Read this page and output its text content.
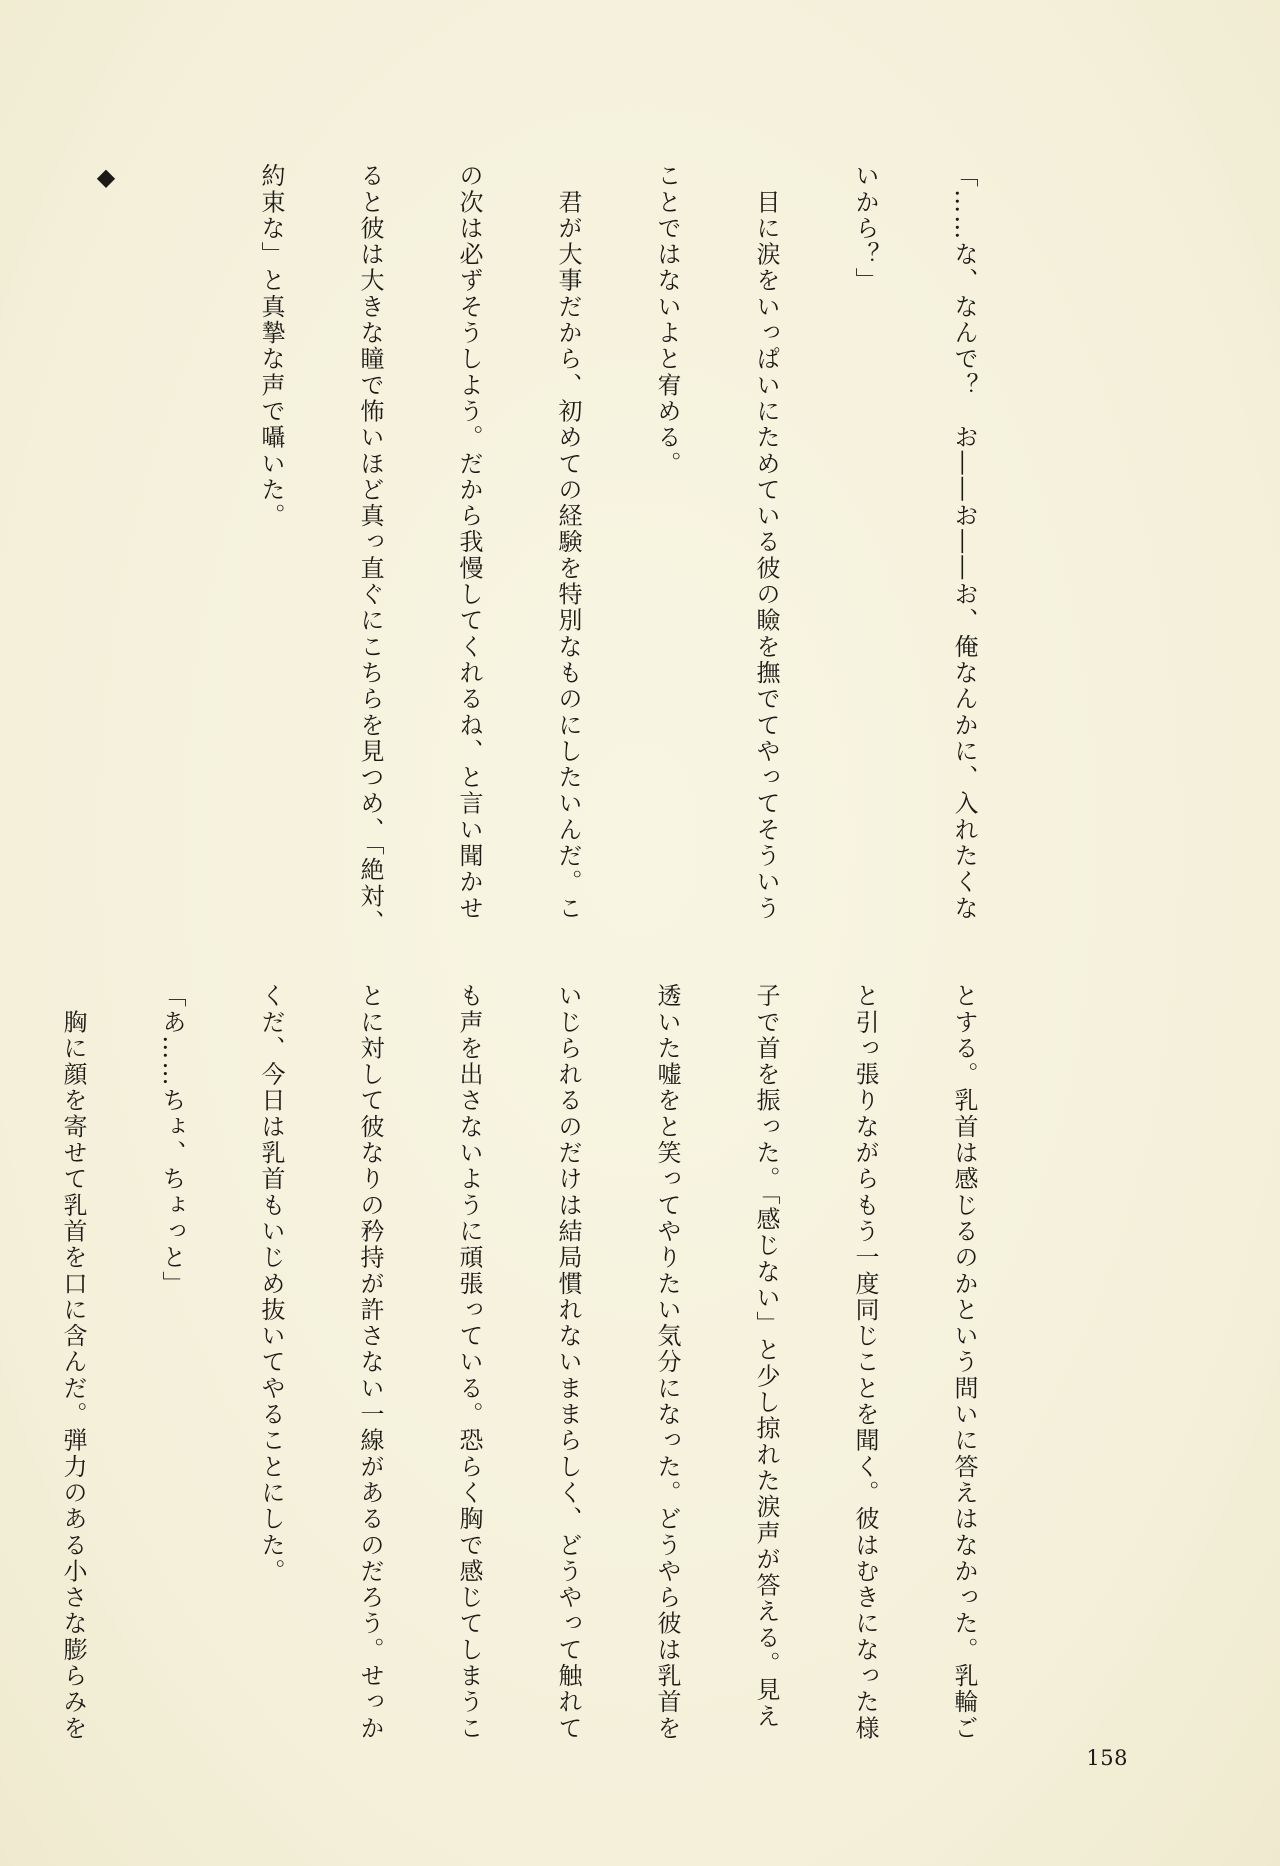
「……な、なんで？　お――お――お、俺なんかに、入れたくな

いから？」

　目に涙をいっぱいにためている彼の瞼を撫でてやってそういう

ことではないよと宥める。

　君が大事だから、初めての経験を特別なものにしたいんだ。こ

の次は必ずそうしよう。だから我慢してくれるね、と言い聞かせ

ると彼は大きな瞳で怖いほど真っ直ぐにこちらを見つめ、「絶対、

約束な」と真摯な声で囁いた。

◆

とする。乳首は感じるのかという問いに答えはなかった。乳輪ご

と引っ張りながらもう一度同じことを聞く。彼はむきになった様

子で首を振った。「感じない」と少し掠れた涙声が答える。見え

透いた嘘をと笑ってやりたい気分になった。どうやら彼は乳首を

いじられるのだけは結局慣れないままらしく、どうやって触れて

も声を出さないように頑張っている。恐らく胸で感じてしまうこ

とに対して彼なりの矜持が許さない一線があるのだろう。せっか

くだ、今日は乳首もいじめ抜いてやることにした。

「あ……ちょ、ちょっと」

　胸に顔を寄せて乳首を口に含んだ。弾力のある小さな膨らみを

158
